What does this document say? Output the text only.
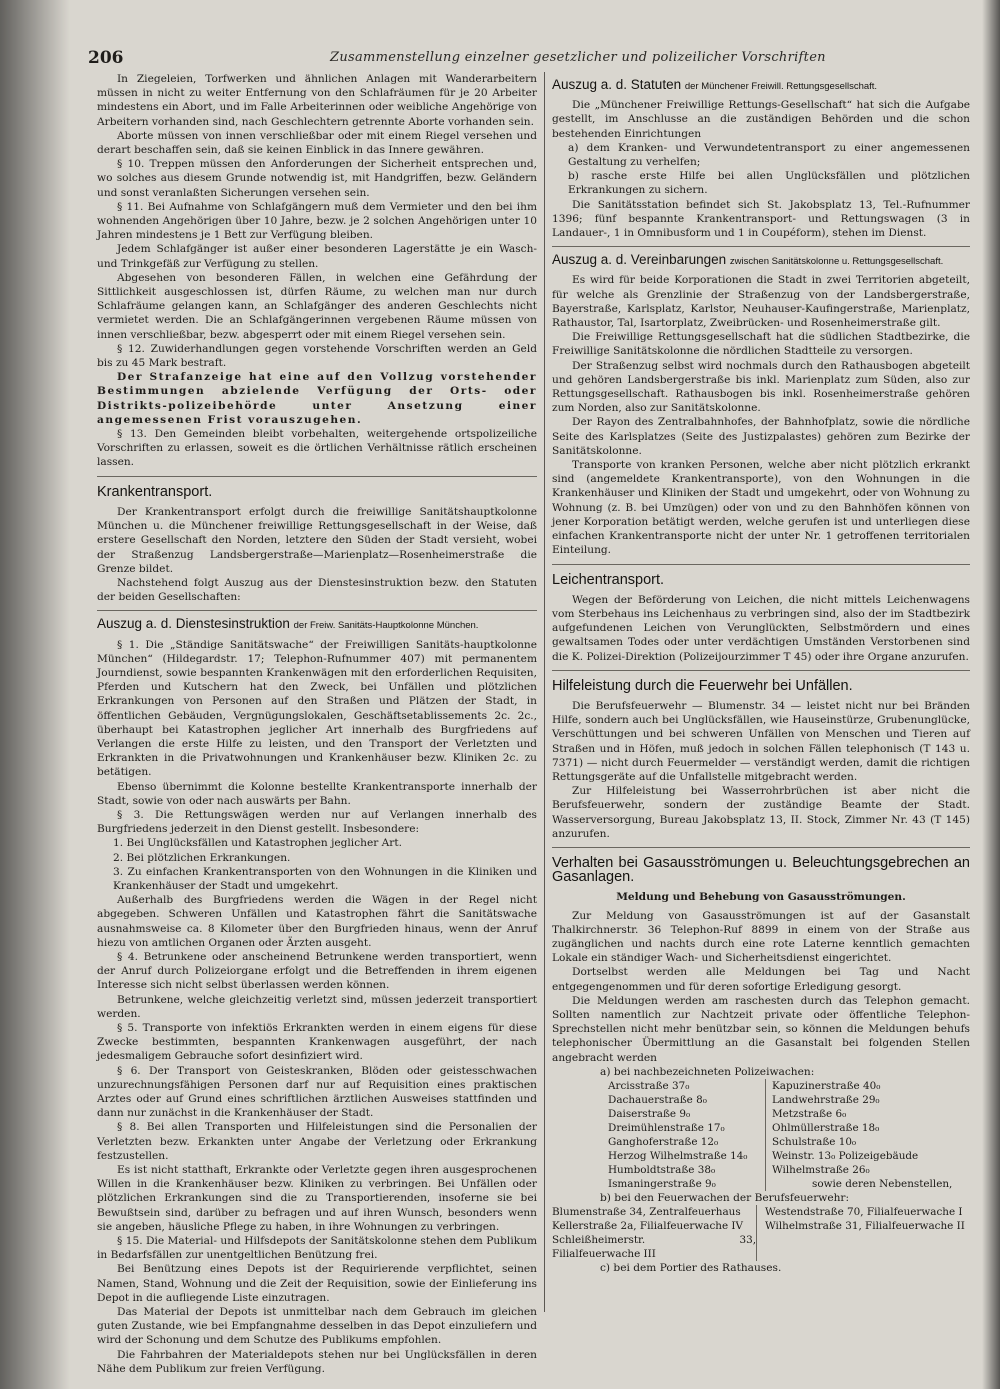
206	Zusammenstellung einzelner gesetzlicher und polizeilicher Vorschriften

In Ziegeleien, Torfwerken und ähnlichen Anlagen mit Wanderarbeitern müssen in nicht zu weiter Entfernung von den Schlafräumen für je 20 Arbeiter mindestens ein Abort, und im Falle Arbeiterinnen oder weibliche Angehörige von Arbeitern vorhanden sind, nach Geschlechtern getrennte Aborte vorhanden sein.

Aborte müssen von innen verschließbar oder mit einem Riegel versehen und derart beschaffen sein, daß sie keinen Einblick in das Innere gewähren.

§ 10. Treppen müssen den Anforderungen der Sicherheit entsprechen und, wo solches aus diesem Grunde notwendig ist, mit Handgriffen, bezw. Geländern und sonst veranlaßten Sicherungen versehen sein.

§ 11. Bei Aufnahme von Schlafgängern muß dem Vermieter und den bei ihm wohnenden Angehörigen über 10 Jahre, bezw. je 2 solchen Angehörigen unter 10 Jahren mindestens je 1 Bett zur Verfügung bleiben.

Jedem Schlafgänger ist außer einer besonderen Lagerstätte je ein Wasch- und Trinkgefäß zur Verfügung zu stellen.

Abgesehen von besonderen Fällen, in welchen eine Gefährdung der Sittlichkeit ausgeschlossen ist, dürfen Räume, zu welchen man nur durch Schlafräume gelangen kann, an Schlafgänger des anderen Geschlechts nicht vermietet werden. Die an Schlafgängerinnen vergebenen Räume müssen von innen verschließbar, bezw. abgesperrt oder mit einem Riegel versehen sein.

§ 12. Zuwiderhandlungen gegen vorstehende Vorschriften werden an Geld bis zu 45 Mark bestraft.

Der Strafanzeige hat eine auf den Vollzug vorstehender Bestimmungen abzielende Verfügung der Orts- oder Distrikts-polizeibehörde unter Ansetzung einer angemessenen Frist vorauszugehen.

§ 13. Den Gemeinden bleibt vorbehalten, weitergehende ortspolizeiliche Vorschriften zu erlassen, soweit es die örtlichen Verhältnisse rätlich erscheinen lassen.

Krankentransport.

Der Krankentransport erfolgt durch die freiwillige Sanitätshauptkolonne München u. die Münchener freiwillige Rettungsgesellschaft in der Weise, daß erstere Gesellschaft den Norden, letztere den Süden der Stadt versieht, wobei der Straßenzug Landsbergerstraße—Marienplatz—Rosenheimerstraße die Grenze bildet.

Nachstehend folgt Auszug aus der Dienstesinstruktion bezw. den Statuten der beiden Gesellschaften:

Auszug a. d. Dienstesinstruktion der Freiw. Sanitäts-Hauptkolonne München.

§ 1. Die „Ständige Sanitätswache“ der Freiwilligen Sanitäts-hauptkolonne München“ (Hildegardstr. 17; Telephon-Rufnummer 407) mit permanentem Journdienst, sowie bespannten Krankenwägen mit den erforderlichen Requisiten, Pferden und Kutschern hat den Zweck, bei Unfällen und plötzlichen Erkrankungen von Personen auf den Straßen und Plätzen der Stadt, in öffentlichen Gebäuden, Vergnügungslokalen, Geschäftsetablissements 2c. 2c., überhaupt bei Katastrophen jeglicher Art innerhalb des Burgfriedens auf Verlangen die erste Hilfe zu leisten, und den Transport der Verletzten und Erkrankten in die Privatwohnungen und Krankenhäuser bezw. Kliniken 2c. zu betätigen.

Ebenso übernimmt die Kolonne bestellte Krankentransporte innerhalb der Stadt, sowie von oder nach auswärts per Bahn.

§ 3. Die Rettungswägen werden nur auf Verlangen innerhalb des Burgfriedens jederzeit in den Dienst gestellt. Insbesondere:

1. Bei Unglücksfällen und Katastrophen jeglicher Art.

2. Bei plötzlichen Erkrankungen.

3. Zu einfachen Krankentransporten von den Wohnungen in die Kliniken und Krankenhäuser der Stadt und umgekehrt.

Außerhalb des Burgfriedens werden die Wägen in der Regel nicht abgegeben. Schweren Unfällen und Katastrophen fährt die Sanitätswache ausnahmsweise ca. 8 Kilometer über den Burgfrieden hinaus, wenn der Anruf hiezu von amtlichen Organen oder Ärzten ausgeht.

§ 4. Betrunkene oder anscheinend Betrunkene werden transportiert, wenn der Anruf durch Polizeiorgane erfolgt und die Betreffenden in ihrem eigenen Interesse sich nicht selbst überlassen werden können.

Betrunkene, welche gleichzeitig verletzt sind, müssen jederzeit transportiert werden.

§ 5. Transporte von infektiös Erkrankten werden in einem eigens für diese Zwecke bestimmten, bespannten Krankenwagen ausgeführt, der nach jedesmaligem Gebrauche sofort desinfiziert wird.

§ 6. Der Transport von Geisteskranken, Blöden oder geistesschwachen unzurechnungsfähigen Personen darf nur auf Requisition eines praktischen Arztes oder auf Grund eines schriftlichen ärztlichen Ausweises stattfinden und dann nur zunächst in die Krankenhäuser der Stadt.

§ 8. Bei allen Transporten und Hilfeleistungen sind die Personalien der Verletzten bezw. Erkankten unter Angabe der Verletzung oder Erkrankung festzustellen.

Es ist nicht statthaft, Erkrankte oder Verletzte gegen ihren ausgesprochenen Willen in die Krankenhäuser bezw. Kliniken zu verbringen. Bei Unfällen oder plötzlichen Erkrankungen sind die zu Transportierenden, insoferne sie bei Bewußtsein sind, darüber zu befragen und auf ihren Wunsch, besonders wenn sie angeben, häusliche Pflege zu haben, in ihre Wohnungen zu verbringen.

§ 15. Die Material- und Hilfsdepots der Sanitätskolonne stehen dem Publikum in Bedarfsfällen zur unentgeltlichen Benützung frei.

Bei Benützung eines Depots ist der Requirierende verpflichtet, seinen Namen, Stand, Wohnung und die Zeit der Requisition, sowie der Einlieferung ins Depot in die aufliegende Liste einzutragen.

Das Material der Depots ist unmittelbar nach dem Gebrauch im gleichen guten Zustande, wie bei Empfangnahme desselben in das Depot einzuliefern und wird der Schonung und dem Schutze des Publikums empfohlen.

Die Fahrbahren der Materialdepots stehen nur bei Unglücksfällen in deren Nähe dem Publikum zur freien Verfügung.

Auszug a. d. Statuten der Münchener Freiwill. Rettungsgesellschaft.

Die „Münchener Freiwillige Rettungs-Gesellschaft“ hat sich die Aufgabe gestellt, im Anschlusse an die zuständigen Behörden und die schon bestehenden Einrichtungen

a) dem Kranken- und Verwundetentransport zu einer angemessenen Gestaltung zu verhelfen;

b) rasche erste Hilfe bei allen Unglücksfällen und plötzlichen Erkrankungen zu sichern.

Die Sanitätsstation befindet sich St. Jakobsplatz 13, Tel.-Rufnummer 1396; fünf bespannte Krankentransport- und Rettungswagen (3 in Landauer-, 1 in Omnibusform und 1 in Coupéform), stehen im Dienst.

Auszug a. d. Vereinbarungen zwischen Sanitätskolonne u. Rettungsgesellschaft.

Es wird für beide Korporationen die Stadt in zwei Territorien abgeteilt, für welche als Grenzlinie der Straßenzug von der Landsbergerstraße, Bayerstraße, Karlsplatz, Karlstor, Neuhauser-Kaufingerstraße, Marienplatz, Rathaustor, Tal, Isartorplatz, Zweibrücken- und Rosenheimerstraße gilt.

Die Freiwillige Rettungsgesellschaft hat die südlichen Stadtbezirke, die Freiwillige Sanitätskolonne die nördlichen Stadtteile zu versorgen.

Der Straßenzug selbst wird nochmals durch den Rathausbogen abgeteilt und gehören Landsbergerstraße bis inkl. Marienplatz zum Süden, also zur Rettungsgesellschaft. Rathausbogen bis inkl. Rosenheimerstraße gehören zum Norden, also zur Sanitätskolonne.

Der Rayon des Zentralbahnhofes, der Bahnhofplatz, sowie die nördliche Seite des Karlsplatzes (Seite des Justizpalastes) gehören zum Bezirke der Sanitätskolonne.

Transporte von kranken Personen, welche aber nicht plötzlich erkrankt sind (angemeldete Krankentransporte), von den Wohnungen in die Krankenhäuser und Kliniken der Stadt und umgekehrt, oder von Wohnung zu Wohnung (z. B. bei Umzügen) oder von und zu den Bahnhöfen können von jener Korporation betätigt werden, welche gerufen ist und unterliegen diese einfachen Krankentransporte nicht der unter Nr. 1 getroffenen territorialen Einteilung.

Leichentransport.

Wegen der Beförderung von Leichen, die nicht mittels Leichenwagens vom Sterbehaus ins Leichenhaus zu verbringen sind, also der im Stadtbezirk aufgefundenen Leichen von Verunglückten, Selbstmördern und eines gewaltsamen Todes oder unter verdächtigen Umständen Verstorbenen sind die K. Polizei-Direktion (Polizeijourzimmer T 45) oder ihre Organe anzurufen.

Hilfeleistung durch die Feuerwehr bei Unfällen.

Die Berufsfeuerwehr — Blumenstr. 34 — leistet nicht nur bei Bränden Hilfe, sondern auch bei Unglücksfällen, wie Hauseinstürze, Grubenunglücke, Verschüttungen und bei schweren Unfällen von Menschen und Tieren auf Straßen und in Höfen, muß jedoch in solchen Fällen telephonisch (T 143 u. 7371) — nicht durch Feuermelder — verständigt werden, damit die richtigen Rettungsgeräte auf die Unfallstelle mitgebracht werden.

Zur Hilfeleistung bei Wasserrohrbrüchen ist aber nicht die Berufsfeuerwehr, sondern der zuständige Beamte der Stadt. Wasserversorgung, Bureau Jakobsplatz 13, II. Stock, Zimmer Nr. 43 (T 145) anzurufen.

Verhalten bei Gasausströmungen u. Beleuchtungsgebrechen an Gasanlagen.

Meldung und Behebung von Gasausströmungen.

Zur Meldung von Gasausströmungen ist auf der Gasanstalt Thalkirchnerstr. 36 Telephon-Ruf 8899 in einem von der Straße aus zugänglichen und nachts durch eine rote Laterne kenntlich gemachten Lokale ein ständiger Wach- und Sicherheitsdienst eingerichtet.

Dortselbst werden alle Meldungen bei Tag und Nacht entgegengenommen und für deren sofortige Erledigung gesorgt.

Die Meldungen werden am raschesten durch das Telephon gemacht. Sollten namentlich zur Nachtzeit private oder öffentliche Telephon-Sprechstellen nicht mehr benützbar sein, so können die Meldungen behufs telephonischer Übermittlung an die Gasanstalt bei folgenden Stellen angebracht werden

a) bei nachbezeichneten Polizeiwachen:

Arcisstraße 37₀
Dachauerstraße 8₀
Daiserstraße 9₀
Dreimühlenstraße 17₀
Ganghoferstraße 12₀
Herzog Wilhelmstraße 14₀
Humboldtstraße 38₀
Ismaningerstraße 9₀
Kapuzinerstraße 40₀
Landwehrstraße 29₀
Metzstraße 6₀
Ohlmüllerstraße 18₀
Schulstraße 10₀
Weinstr. 13₀ Polizeigebäude
Wilhelmstraße 26₀
sowie deren Nebenstellen,

b) bei den Feuerwachen der Berufsfeuerwehr:

Blumenstraße 34, Zentralfeuerhaus
Kellerstraße 2a, Filialfeuerwache IV
Schleißheimerstr. 33, Filialfeuerwache III
Westendstraße 70, Filialfeuerwache I
Wilhelmstraße 31, Filialfeuerwache II

c) bei dem Portier des Rathauses.
